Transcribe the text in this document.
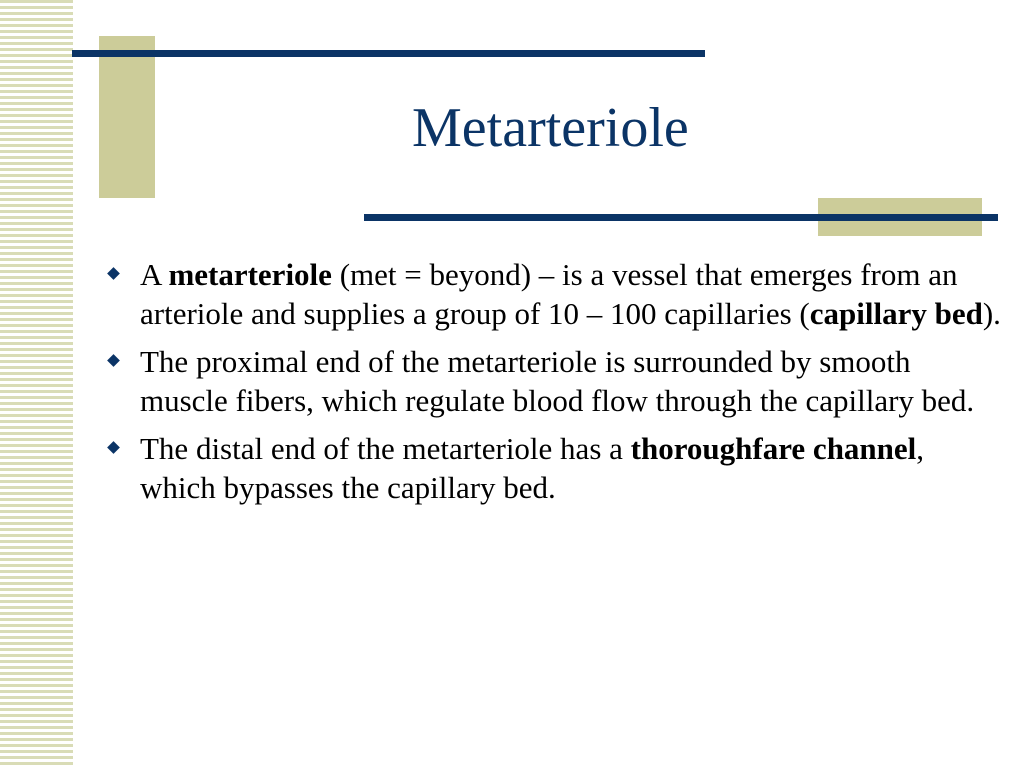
Metarteriole
A metarteriole (met = beyond) – is a vessel that emerges from an arteriole and supplies a group of 10 – 100 capillaries (capillary bed).
The proximal end of the metarteriole is surrounded by smooth muscle fibers, which regulate blood flow through the capillary bed.
The distal end of the metarteriole has a thoroughfare channel, which bypasses the capillary bed.
